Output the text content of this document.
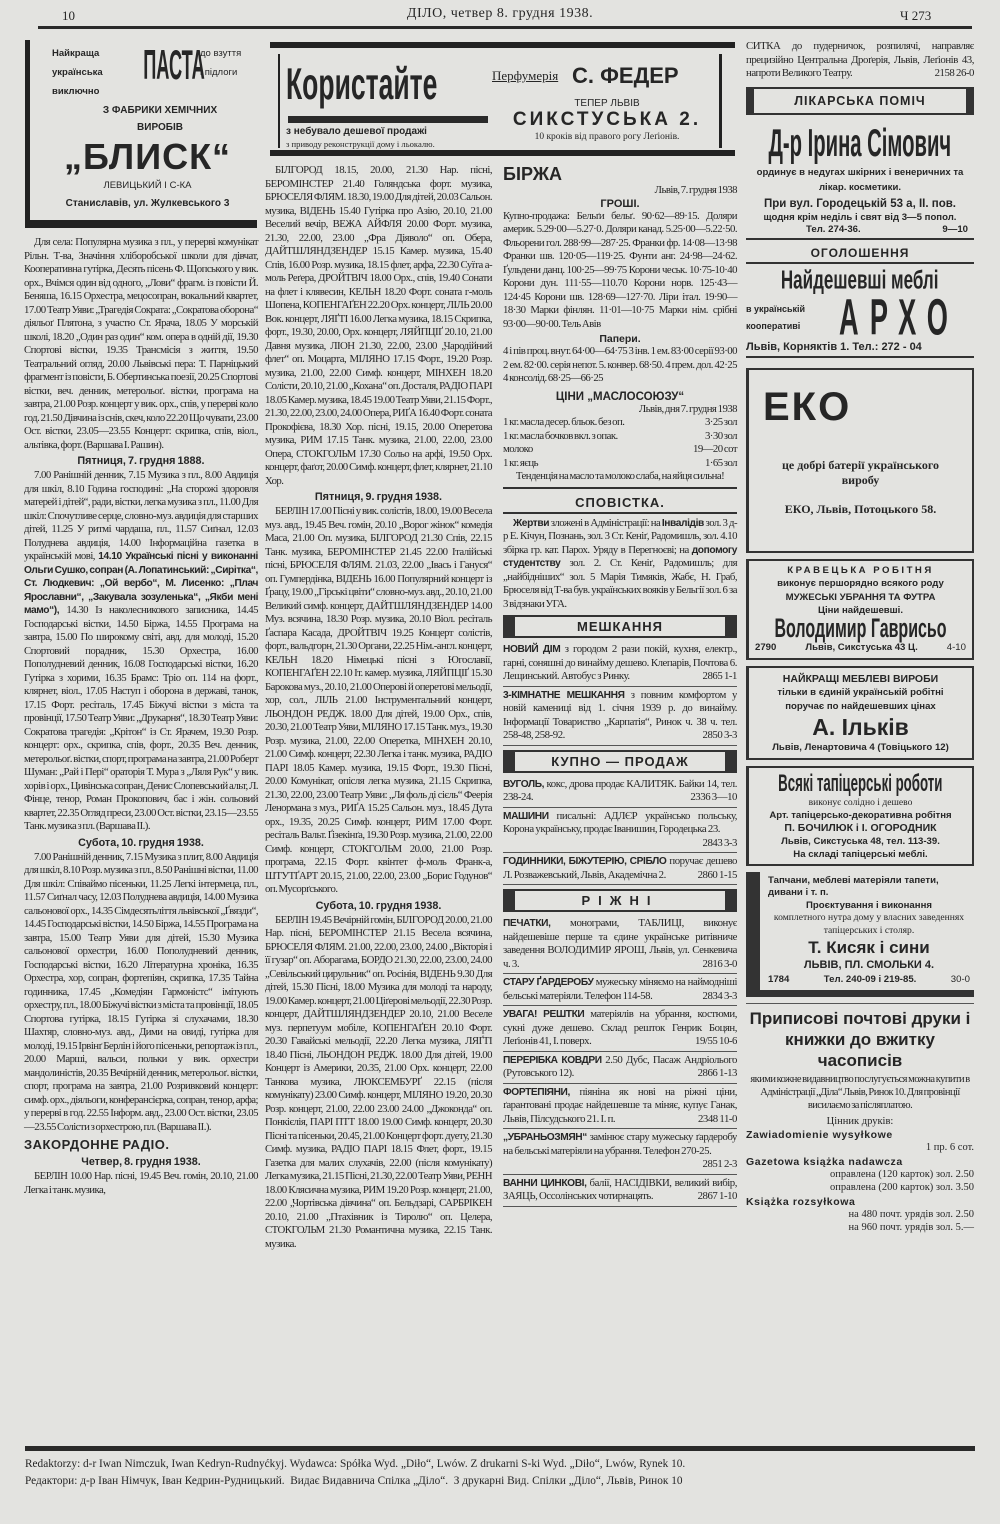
10	ДІЛО, четвер 8. грудня 1938.	Ч 273
Найкраща
українська
виключно
ПАСТА
до взуття
і підлоги
З ФАБРИКИ ХЕМІЧНИХ ВИРОБІВ
„БЛИСК“
ЛЕВИЦЬКИЙ І С-КА
Станиславів, ул. Жулкевського 3
Користайте
з небувало дешевої продажі
з приводу реконструкції дому і льокалю.
Перфумерія С. ФЕДЕР
ТЕПЕР ЛЬВІВ
СИКСТУСЬКА 2.
10 кроків від правого рогу Леґіонів.

Для села: Популярна музика з пл., у перерві комунікат Рільн. Т-ва, Значіння хліборобської школи для дівчат, Кооперативна гутірка, Десять пісень Ф. Щопського у вик. орх., Вчімся один від одного, „Лови“ фрагм. із повісти Й. Беняша, 16.15 Орхестра, мецосопран, вокальний квартет, 17.00 Театр Уяви: „Трагедія Сократа: „Сократова оборона“ діяльоґ Плятона, з участю Ст. Ярача, 18.05 У морській школі, 18.20 „Один раз один“ ком. опера в одній дії, 19.30 Спортові вістки, 19.35 Трансмісія з життя, 19.50 Театральний огляд, 20.00 Львівські пера: Т. Парніцький фрагмент із повісти, Б. Обертинська поезії, 20.25 Спортові вістки, веч. денник, метерольоґ. вістки, програма на завтра, 21.00 Розр. концерт у вик. орх., спів, у перерві коло год. 21.50 Дівчина із снів, скеч, коло 22.20 Що чувати, 23.00 Ост. вістки, 23.05—23.55 Концерт: скрипка, спів, віол., альтівка, форт. (Варшава І. Рашин).

Пятниця, 7. грудня 1888.

7.00 Ранішній денник, 7.15 Музика з пл., 8.00 Авдиція для шкіл, 8.10 Година господині: „На сторожі здоровля матерей і дітей“, ради, вістки, легка музика з пл., 11.00 Для шкіл: Спочутливе серце, словно-муз. авдиція для старших дітей, 11.25 У ритмі чардаша, пл., 11.57 Сиґнал, 12.03 Полуднева авдиція, 14.00 Інформаційна газетка в українській мові, 14.10 Українські пісні у виконанні Ольги Сушко, сопран (А. Лопатинський: „Сирітка“, Ст. Людкевич: „Ой вербо“, М. Лисенко: „Плач Ярославни“, „Закувала зозуленька“, „Якби мені мамо“), 14.30 Із наколесникового записника, 14.45 Господарські вістки, 14.50 Біржа, 14.55 Програма на завтра, 15.00 По широкому світі, авд. для молоді, 15.20 Спортовий порадник, 15.30 Орхестра, 16.00 Пополудневий денник, 16.08 Господарські вістки, 16.20 Гутірка з хорими, 16.35 Брамс: Тріо оп. 114 на форт., клярнет, віол., 17.05 Наступ і оборона в державі, танок, 17.15 Форт. ресіталь, 17.45 Біжучі вістки з міста та провінції, 17.50 Театр Уяви: „Друкарня“, 18.30 Театр Уяви: Сократова трагедія: „Крітон“ із Ст. Ярачем, 19.30 Розр. концерт: орх., скрипка, спів, форт., 20.35 Веч. денник, метерольоґ. вістки, спорт, програма на завтра, 21.00 Роберт Шуман: „Рай і Пері“ ораторія Т. Мура з „Ляля Рук“ у вик. хорів і орх., Цивінська сопран, Денис Слопевський альт, Л. Фінце, тенор, Роман Прокопович, бас і жін. сольовий квартет, 22.35 Огляд преси, 23.00 Ост. вістки, 23.15—23.55 Танк. музика з пл. (Варшава II.).

Субота, 10. грудня 1938.

7.00 Ранішній денник, 7.15 Музика з плит, 8.00 Авдиція для шкіл, 8.10 Розр. музика з пл., 8.50 Ранішні вістки, 11.00 Для шкіл: Співаймо пісеньки, 11.25 Легкі інтермеца, пл., 11.57 Сиґнал часу, 12.03 Полуднева авдиція, 14.00 Музика сальонової орх., 14.35 Сімдесятьліття львівської „Ґвязди“, 14.45 Господарські вістки, 14.50 Біржа, 14.55 Програма на завтра, 15.00 Театр Уяви для дітей, 15.30 Музика сальонової орхестри, 16.00 Пополудневий денник, Господарські вістки, 16.20 Літературна хроніка, 16.35 Орхестра, хор, сопран, фортепіян, скрипка, 17.35 Тайна годинника, 17.45 „Комедіян Гармоністс“ імітують орхестру, пл., 18.00 Біжучі вістки з міста та провінції, 18.05 Спортова гутірка, 18.15 Гутірка зі слухачами, 18.30 Шахтяр, словно-муз. авд., Дими на овиді, гутірка для молоді, 19.15 Ірвінґ Берлін і його пісеньки, репортаж із пл., 20.00 Марші, вальси, польки у вик. орхестри мандолиністів, 20.35 Вечірній денник, метерольоґ. вістки, спорт, програма на завтра, 21.00 Розривковий концерт: симф. орх., діяльоги, конферансієрка, сопран, тенор, арфа; у перерві в год. 22.55 Інформ. авд., 23.00 Ост. вістки, 23.05—23.55 Солісти з орхестрою, пл. (Варшава II.).

ЗАКОРДОННЕ РАДІО.
Четвер, 8. грудня 1938.

БЕРЛІН 10.00 Нар. пісні, 19.45 Веч. гомін, 20.10, 21.00 Легка і танк. музика,

БІЛГОРОД 18.15, 20.00, 21.30 Нар. пісні, БЕРОМІНСТЕР 21.40 Голяндська форт. музика, БРЮСЕЛЯ ФЛЯМ. 18.30, 19.00 Для дітей, 20.03 Сальон. музика, ВІДЕНЬ 15.40 Гутірка про Азію, 20.10, 21.00 Веселий вечір, ВЕЖА АЙФЛЯ 20.00 Форт. музика, 21.30, 22.00, 23.00 „Фра Діяволо“ оп. Обера, ДАЙТШЛЯНДЗЕНДЕР 15.15 Камер. музика, 15.40 Спів, 16.00 Розр. музика, 18.15 флет, арфа, 22.30 Суїта а-моль Реґера, ДРОЙТВІЧ 18.00 Орх., спів, 19.40 Сонати на флет і клявесин, КЕЛЬН 18.20 Форт. соната г-моль Шопена, КОПЕНГАҐЕН 22.20 Орх. концерт, ЛІЛЬ 20.00 Вок. концерт, ЛЯҐТІ 16.00 Легка музика, 18.15 Скрипка, форт., 19.30, 20.00, Орх. концерт, ЛЯЙПЦІҐ 20.10, 21.00 Давня музика, ЛІОН 21.30, 22.00, 23.00 „Чародійний флет“ оп. Моцарта, МІЛЯНО 17.15 Форт., 19.20 Розр. музика, 21.00, 22.00 Симф. концерт, МІНХЕН 18.20 Солісти, 20.10, 21.00 „Кохана“ оп. Досталя, РАДІО ПАРІ 18.05 Камер. музика, 18.45 19.00 Театр Уяви, 21.15 Форт., 21.30, 22.00, 23.00, 24.00 Опера, РИҐА 16.40 Форт. соната Прокофієва, 18.30 Хор. пісні, 19.15, 20.00 Оперетова музика, РИМ 17.15 Танк. музика, 21.00, 22.00, 23.00 Опера, СТОКГОЛЬМ 17.30 Сольо на арфі, 19.50 Орх. концерт, фаґот, 20.00 Симф. концерт, флет, клярнет, 21.10 Хор.

Пятниця, 9. грудня 1938.

БЕРЛІН 17.00 Пісні у вик. солістів, 18.00, 19.00 Весела муз. авд., 19.45 Веч. гомін, 20.10 „Ворог жінок“ комедія Маса, 21.00 Оп. музика, БІЛГОРОД 21.30 Спів, 22.15 Танк. музика, БЕРОМІНСТЕР 21.45 22.00 Італійські пісні, БРЮСЕЛЯ ФЛЯМ. 21.03, 22.00 „Івась і Гануся“ оп. Гумпердінка, ВІДЕНЬ 16.00 Популярний концерт із Ґрацу, 19.00 „Гірські цвіти“ словно-муз. авд., 20.10, 21.00 Великий симф. концерт, ДАЙТШЛЯНДЗЕНДЕР 14.00 Муз. всячина, 18.30 Розр. музика, 20.10 Віол. ресіталь Ґаспара Касада, ДРОЙТВІЧ 19.25 Концерт солістів, форт., вальдгорн, 21.30 Органи, 22.25 Нім.-англ. концерт, КЕЛЬН 18.20 Німецькі пісні з Югославії, КОПЕНГАҐЕН 22.10 Іт. камер. музика, ЛЯЙПЦІҐ 15.30 Барокова муз., 20.10, 21.00 Оперові й оперетові мельодії, хор, сол., ЛІЛЬ 21.00 Інструментальний концерт, ЛЬОНДОН РЕДЖ. 18.00 Для дітей, 19.00 Орх., спів, 20.30, 21.00 Театр Уяви, МІЛЯНО 17.15 Танк. муз., 19.30 Розр. музика, 21.00, 22.00 Оперетка, МІНХЕН 20.10, 21.00 Симф. концерт, 22.30 Легка і танк. музика, РАДІО ПАРІ 18.05 Камер. музика, 19.15 Форт., 19.30 Пісні, 20.00 Комунікат, опісля легка музика, 21.15 Скрипка, 21.30, 22.00, 23.00 Театр Уяви: „Ля фоль ді сієль“ Феерія Ленормана з муз., РИҐА 15.25 Сальон. муз., 18.45 Дута орх., 19.35, 20.25 Симф. концерт, РИМ 17.00 Форт. ресіталь Вальт. Ґізекінґа, 19.30 Розр. музика, 21.00, 22.00 Симф. концерт, СТОКГОЛЬМ 20.00, 21.00 Розр. програма, 22.15 Форт. квінтет ф-моль Франк-а, ШТУТҐАРТ 20.15, 21.00, 22.00, 23.00 „Борис Годунов“ оп. Мусорґського.

Субота, 10. грудня 1938.

БЕРЛІН 19.45 Вечірній гомін, БІЛГОРОД 20.00, 21.00 Нар. пісні, БЕРОМІНСТЕР 21.15 Весела всячина, БРЮСЕЛЯ ФЛЯМ. 21.00, 22.00, 23.00, 24.00 „Вікторія і її гузар“ оп. Аборагама, БОРДО 21.30, 22.00, 23.00, 24.00 „Севільський цирульник“ оп. Росінія, ВІДЕНЬ 9.30 Для дітей, 15.30 Пісні, 18.00 Музика для молоді та народу, 19.00 Камер. концерт, 21.00 Ціґерові мельодії, 22.30 Розр. концерт, ДАЙТШЛЯНДЗЕНДЕР 20.10, 21.00 Веселе муз. перпетуум мобіле, КОПЕНГАҐЕН 20.10 Форт. 20.30 Гавайські мельодії, 22.20 Легка музика, ЛЯҐТІ 18.40 Пісні, ЛЬОНДОН РЕДЖ. 18.00 Для дітей, 19.00 Концерт із Америки, 20.35, 21.00 Орх. концерт, 22.00 Танкова музика, ЛЮКСЕМБУРҐ 22.15 (після комунікату) 23.00 Симф. концерт, МІЛЯНО 19.20, 20.30 Розр. концерт, 21.00, 22.00 23.00 24.00 „Джоконда“ оп. Понкієлія, ПАРІ ПТТ 18.00 19.00 Симф. концерт, 20.30 Пісні та пісеньки, 20.45, 21.00 Концерт форт. дуету, 21.30 Симф. музика, РАДІО ПАРІ 18.15 Флет, форт., 19.15 Газетка для малих слухачів, 22.00 (після комунікату) Легка музика, 21.15 Пісні, 21.30, 22.00 Театр Уяви, РЕНН 18.00 Клясична музика, РИМ 19.20 Розр. концерт, 21.00, 22.00 „Чортівська дівчина“ оп. Бельдзарі, САРБРІКЕН 20.10, 21.00 „Птахівник із Тиролю“ оп. Целера, СТОКГОЛЬМ 21.30 Романтична музика, 22.15 Танк. музика.

БІРЖА
Львів, 7. грудня 1938
ГРОШІ.
Купно-продажа: Бельґи бельґ. 90·62—89·15. Доляри америк. 5.29·00—5.27·0. Доляри канад. 5.25·00—5.22·50. Фльорени гол. 288·99—287·25. Франки фр. 14·08—13·98 Франки шв. 120·05—119·25. Фунти анг. 24·98—24·62. Ґульдени данц. 100·25—99·75 Корони чеськ. 10·75-10·40 Корони дун. 111·55—110.70 Корони норв. 125·43—124·45 Корони шв. 128·69—127·70. Ліри італ. 19·90—18·30 Марки фінлян. 11·01—10·75 Марки нім. срібні 93·00—90·00. Тель Авів
Папери.
4 і пів проц. внут. 64·00—64·75 3 інв. 1 ем. 83·00 серії 93·00 2 ем. 82·00. серія непот. 5. конвер. 68·50. 4 прем. дол. 42·25 4 консолід. 68·25—66·25
ЦІНИ „МАСЛОСОЮЗУ“
Львів, дня 7. грудня 1938
1 кг. масла десер. бльок. без оп.	3·25 зол
1 кг. масла бочков вкл. з опак.	3·30 зол
молоко	19—20 сот
1 кг. яєць	1·65 зол
Тенденція на масло та молоко слаба, на яйця сильна!
СПОВІСТКА.
Жертви зложені в Адміністрації: на Інвалідів зол. 3 д-р Е. Кічун, Познань, зол. 3 Ст. Кеніґ, Радомишль, зол. 4.10 збірка гр. кат. Парох. Уряду в Перегноєві; на допомогу студентству зол. 2. Ст. Кеніґ, Радомишль; для „найбідніших“ зол. 5 Марія Тимяків, Жабє, Н. Граб, Брюселя від Т-ва був. українських вояків у Бельгії зол. 6 за 3 відзнаки УГА.
МЕШКАННЯ
НОВИЙ ДІМ з городом 2 рази покій, кухня, електр., гарні, соняшні до винайму дешево. Клепарів, Почтова 6. Лещинський. Автобус з Ринку.	2865 1-1
3-КІМНАТНЕ МЕШКАННЯ з повним комфортом у новій камениці від 1. січня 1939 р. до винайму. Інформації Товариство „Карпатія“, Ринок ч. 38 ч. тел. 258-48, 258-92.	2850 3-3
КУПНО — ПРОДАЖ
ВУГОЛЬ, кокс, дрова продає КАЛИТЯК. Байки 14, тел. 238-24.	2336 3—10
МАШИНИ писальні: АДЛЄР українсько польську, Корона українську, продає Іванишин, Городецька 23.
2843 3-3
ГОДИННИКИ, БІЖУТЕРІЮ, СРІБЛО поручає дешево Л. Розважевський, Львів, Академічна 2.	2860 1-15
РІЖНІ
ПЕЧАТКИ, монограми, ТАБЛИЦІ, виконує найдешевіше перше та єдине українське ритівниче заведення ВОЛОДИМИР ЯРОШ, Львів, ул. Сенкевича ч. 3.	2816 3-0
СТАРУ ҐАРДЕРОБУ мужеську міняємо на наймодніші бельські матеріяли. Телефон 114-58.	2834 3-3
УВАГА! РЕШТКИ матеріялів на убрання, костюми, сукні дуже дешево. Склад решток Генрик Боцян, Леґіонів 41, І. поверх.	19/55 10-6
ПЕРЕРІБКА КОВДРИ 2.50 Дубс, Пасаж Андріолього (Рутовського 12).	2866 1-13
ФОРТЕПІЯНИ, піяніна як нові на ріжні ціни, ґарантовані продає найдешевше та міняє, купує Ганак, Львів, Пілсудського 21. І. п.	2348 11-0
„УБРАНЬОЗМЯН“ замінює стару мужеську ґардеробу на бельські матеріяли на убрання. Телефон 270-25.
2851 2-3
ВАННИ ЦИНКОВІ, балії, НАСІДІВКИ, великий вибір, ЗАЯЦЬ, Оссолінських чотирнацять.	2867 1-10
СИТКА до пудерничок, розпилячі, направляє прецизійно Центральна Дроґерія, Львів, Леґіонів 43, напроти Великого Театру.	2158 26-0
ЛІКАРСЬКА ПОМІЧ
Д-р Ірина Сімович
ординує в недугах шкірних і венеричних та лікар. косметики.
При вул. Городецькій 53 а, II. пов.
щодня крім неділь і свят від 3—5 попол.
Тел. 274-36.	9—10
ОГОЛОШЕННЯ
Найдешевші меблі
в українській
кооперативі	АРХО
Львів, Корняктів 1. Тел.: 272 - 04
ЕКО
це добрі батерії українського виробу
ЕКО, Львів, Потоцького 58.
КРАВЕЦЬКА РОБІТНЯ
виконує першорядно всякого роду
МУЖЕСЬКІ УБРАННЯ ТА ФУТРА
Ціни найдешевші.
Володимир Гаврисьо
2790	Львів, Сикстуська 43 Ц.	4-10
НАЙКРАЩІ МЕБЛЕВІ ВИРОБИ
тільки в єдиній українській робітні
поручає по найдешевших цінах
А. Ільків
Львів, Ленартовича 4 (Товіцького 12)
Всякі тапіцерські роботи
виконує солідно і дешево
Арт. тапіцерсько-декоративна робітня
П. БОЧИЛЮК і І. ОГОРОДНИК
Львів, Сикстуська 48, тел. 113-39.
На складі тапіцерські меблі.
Тапчани, меблеві матеріяли тапети, дивани і т. п.
Проєктування і виконання
комплетного нутра дому у власних заведеннях тапіцерських і столяр.
Т. Кисяк і сини
ЛЬВІВ, ПЛ. СМОЛЬКИ 4.
1784	Тел. 240-09 і 219-85.	30-0
Приписові почтові друки і книжки до вжитку часописів
якими кожне видавництво послугується можна купити в Адміністрації „Діла“ Львів, Ринок 10. Для провінції висилаємо за післяплатою.
Цінник друків:
Zawiadomienie wysyłkowe
1 пр. 6 сот.
Gazetowa książka nadawcza
оправлена (120 карток) зол. 2.50
оправлена (200 карток) зол. 3.50
Książka rozsyłkowa
на 480 почт. урядів зол. 2.50
на 960 почт. урядів зол. 5.—
Redaktorzy: d-r Iwan Nimczuk, Iwan Kedryn-Rudnyćkyj. Wydawca: Spółka Wyd. „Diło“, Lwów. Z drukarni S-ki Wyd. „Diło“, Lwów, Rynek 10.
Редактори: д-р Іван Німчук, Іван Кедрин-Рудницький.  Видає Видавнича Спілка „Діло“.  З друкарні Вид. Спілки „Діло“, Львів, Ринок 10
